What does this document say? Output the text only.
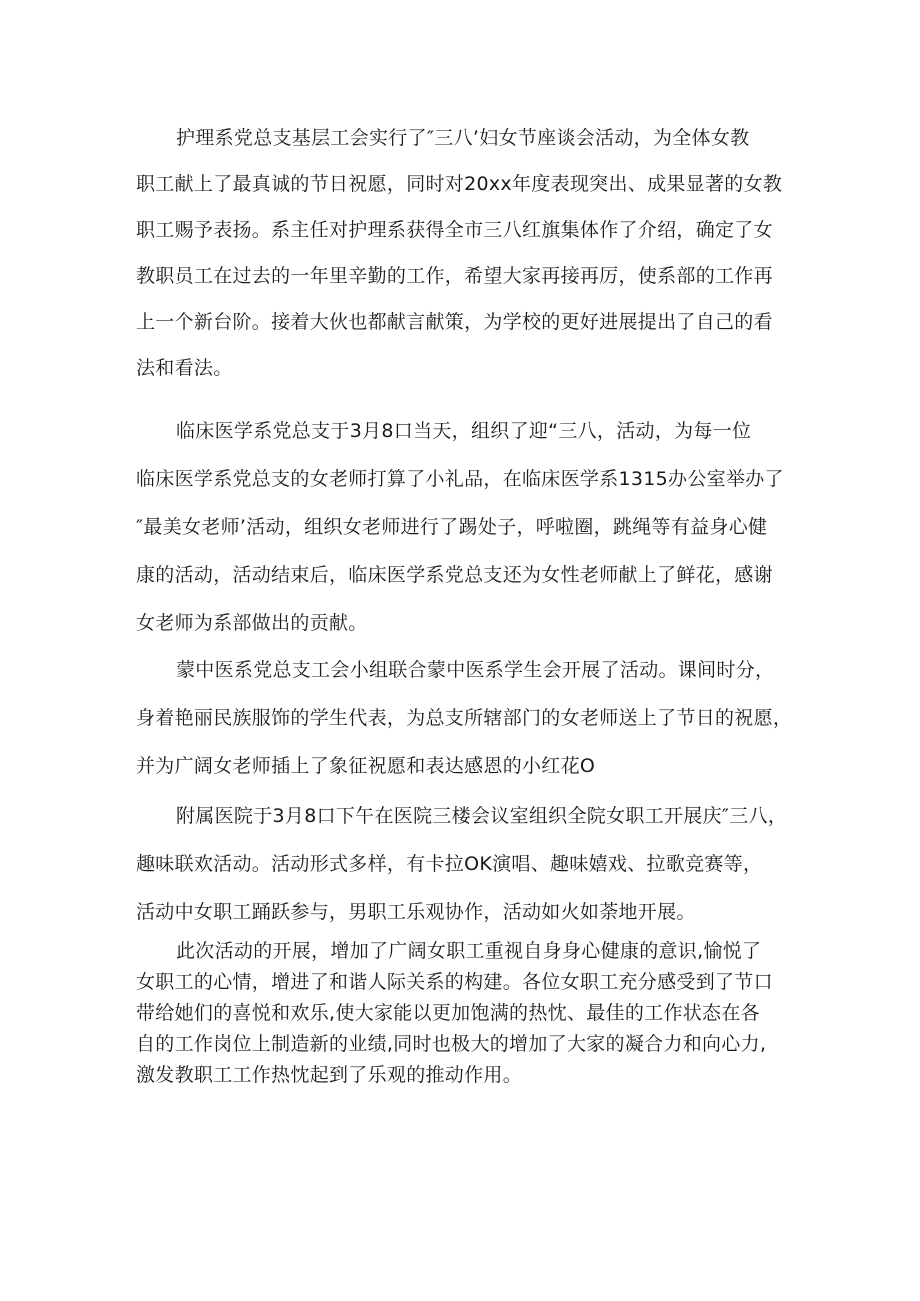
护理系党总支基层工会实行了″三八’妇女节座谈会活动，为全体女教
职工献上了最真诚的节日祝愿，同时对20xx年度表现突出、成果显著的女教
职工赐予表扬。系主任对护理系获得全市三八红旗集体作了介绍，确定了女
教职员工在过去的一年里辛勤的工作，希望大家再接再厉，使系部的工作再
上一个新台阶。接着大伙也都献言献策，为学校的更好进展提出了自己的看
法和看法。
临床医学系党总支于3月8口当天，组织了迎“三八，活动，为每一位
临床医学系党总支的女老师打算了小礼品，在临床医学系1315办公室举办了
″最美女老师’活动，组织女老师进行了踢处子，呼啦圈，跳绳等有益身心健
康的活动，活动结束后，临床医学系党总支还为女性老师献上了鲜花，感谢
女老师为系部做出的贡献。
蒙中医系党总支工会小组联合蒙中医系学生会开展了活动。课间时分，
身着艳丽民族服饰的学生代表，为总支所辖部门的女老师送上了节日的祝愿，
并为广阔女老师插上了象征祝愿和表达感恩的小红花O
附属医院于3月8口下午在医院三楼会议室组织全院女职工开展庆″三八，
趣味联欢活动。活动形式多样，有卡拉OK演唱、趣味嬉戏、拉歌竞赛等，
活动中女职工踊跃参与，男职工乐观协作，活动如火如荼地开展。
此次活动的开展，增加了广阔女职工重视自身身心健康的意识,愉悦了
女职工的心情，增进了和谐人际关系的构建。各位女职工充分感受到了节口
带给她们的喜悦和欢乐,使大家能以更加饱满的热忱、最佳的工作状态在各
自的工作岗位上制造新的业绩,同时也极大的增加了大家的凝合力和向心力,
激发教职工工作热忱起到了乐观的推动作用。
